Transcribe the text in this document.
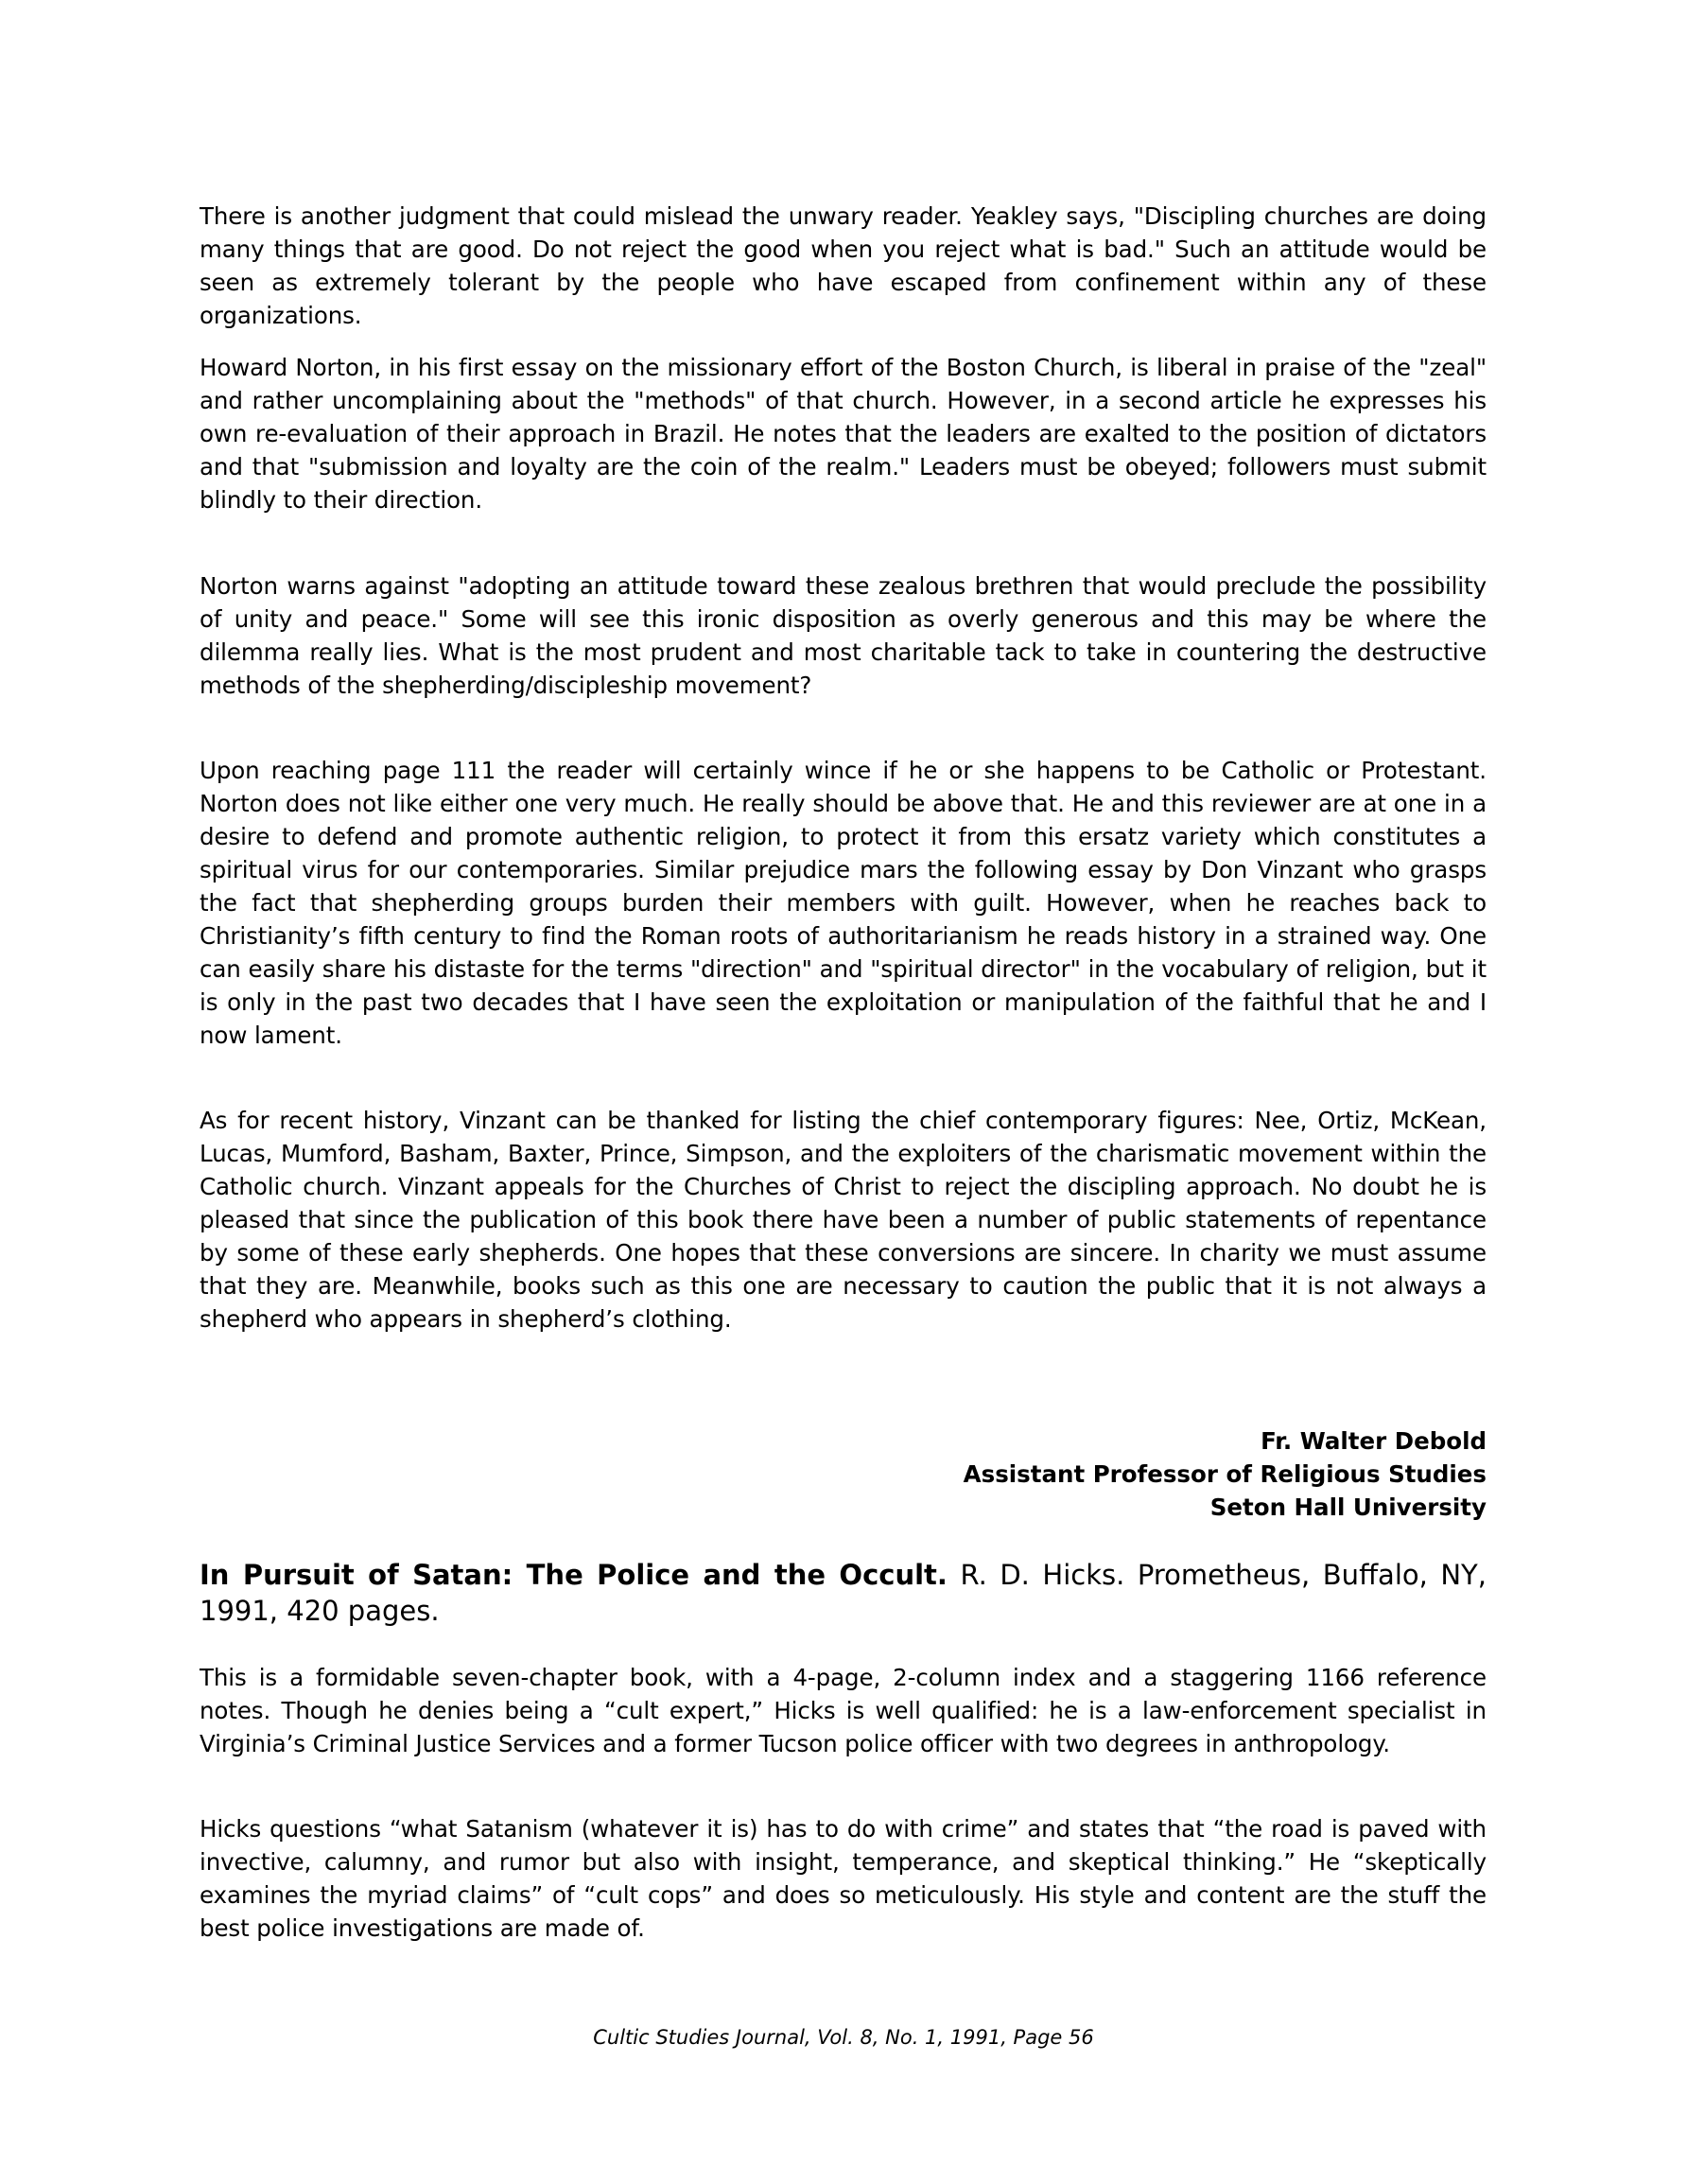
There is another judgment that could mislead the unwary reader. Yeakley says, "Discipling churches are doing many things that are good. Do not reject the good when you reject what is bad." Such an attitude would be seen as extremely tolerant by the people who have escaped from confinement within any of these organizations.

Howard Norton, in his first essay on the missionary effort of the Boston Church, is liberal in praise of the "zeal" and rather uncomplaining about the "methods" of that church. However, in a second article he expresses his own re-evaluation of their approach in Brazil. He notes that the leaders are exalted to the position of dictators and that "submission and loyalty are the coin of the realm." Leaders must be obeyed; followers must submit blindly to their direction.

Norton warns against "adopting an attitude toward these zealous brethren that would preclude the possibility of unity and peace." Some will see this ironic disposition as overly generous and this may be where the dilemma really lies. What is the most prudent and most charitable tack to take in countering the destructive methods of the shepherding/discipleship movement?

Upon reaching page 111 the reader will certainly wince if he or she happens to be Catholic or Protestant. Norton does not like either one very much. He really should be above that. He and this reviewer are at one in a desire to defend and promote authentic religion, to protect it from this ersatz variety which constitutes a spiritual virus for our contemporaries. Similar prejudice mars the following essay by Don Vinzant who grasps the fact that shepherding groups burden their members with guilt. However, when he reaches back to Christianity’s fifth century to find the Roman roots of authoritarianism he reads history in a strained way. One can easily share his distaste for the terms "direction" and "spiritual director" in the vocabulary of religion, but it is only in the past two decades that I have seen the exploitation or manipulation of the faithful that he and I now lament.

As for recent history, Vinzant can be thanked for listing the chief contemporary figures: Nee, Ortiz, McKean, Lucas, Mumford, Basham, Baxter, Prince, Simpson, and the exploiters of the charismatic movement within the Catholic church. Vinzant appeals for the Churches of Christ to reject the discipling approach. No doubt he is pleased that since the publication of this book there have been a number of public statements of repentance by some of these early shepherds. One hopes that these conversions are sincere. In charity we must assume that they are. Meanwhile, books such as this one are necessary to caution the public that it is not always a shepherd who appears in shepherd’s clothing.

Fr. Walter Debold
Assistant Professor of Religious Studies
Seton Hall University

In Pursuit of Satan: The Police and the Occult. R. D. Hicks. Prometheus, Buffalo, NY, 1991, 420 pages.

This is a formidable seven-chapter book, with a 4-page, 2-column index and a staggering 1166 reference notes. Though he denies being a “cult expert,” Hicks is well qualified: he is a law-enforcement specialist in Virginia’s Criminal Justice Services and a former Tucson police officer with two degrees in anthropology.

Hicks questions “what Satanism (whatever it is) has to do with crime” and states that “the road is paved with invective, calumny, and rumor but also with insight, temperance, and skeptical thinking.” He “skeptically examines the myriad claims” of “cult cops” and does so meticulously. His style and content are the stuff the best police investigations are made of.

Cultic Studies Journal, Vol. 8, No. 1, 1991, Page 56
